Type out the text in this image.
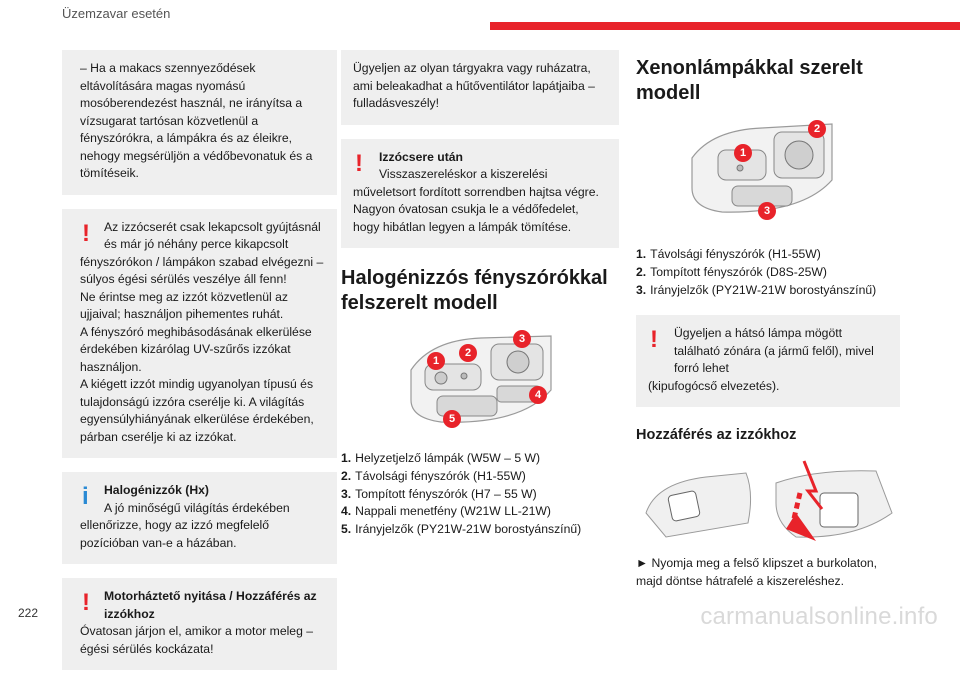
Üzemzavar esetén
– Ha a makacs szennyeződések eltávolítására magas nyomású mosóberendezést használ, ne irányítsa a vízsugarat tartósan közvetlenül a fényszórókra, a lámpákra és az éleikre, nehogy megsérüljön a védőbevonatuk és a tömítéseik.
!	Az izzócserét csak lekapcsolt gyújtásnál és már jó néhány perce kikapcsolt
fényszórókon / lámpákon szabad elvégezni – súlyos égési sérülés veszélye áll fenn!
Ne érintse meg az izzót közvetlenül az ujjaival; használjon pihementes ruhát.
A fényszóró meghibásodásának elkerülése érdekében kizárólag UV-szűrős izzókat használjon.
A kiégett izzót mindig ugyanolyan típusú és tulajdonságú izzóra cserélje ki. A világítás egyensúlyhiányának elkerülése érdekében, párban cserélje ki az izzókat.
i	Halogénizzók (Hx)
A jó minőségű világítás érdekében
ellenőrizze, hogy az izzó megfelelő pozícióban van-e a házában.
!	Motorháztető nyitása / Hozzáférés az izzókhoz
Óvatosan járjon el, amikor a motor meleg – égési sérülés kockázata!
Ügyeljen az olyan tárgyakra vagy ruházatra, ami beleakadhat a hűtőventilátor lapátjaiba – fulladásveszély!
!	Izzócsere után
Visszaszereléskor a kiszerelési
műveletsort fordított sorrendben hajtsa végre. Nagyon óvatosan csukja le a védőfedelet, hogy hibátlan legyen a lámpák tömítése.
Halogénizzós fényszórókkal felszerelt modell
1
2
3
4
5
1. Helyzetjelző lámpák (W5W – 5 W)
2. Távolsági fényszórók (H1-55W)
3. Tompított fényszórók (H7 – 55 W)
4. Nappali menetfény (W21W LL-21W)
5. Irányjelzők (PY21W-21W borostyánszínű)
Xenonlámpákkal szerelt modell
1
2
3
1. Távolsági fényszórók (H1-55W)
2. Tompított fényszórók (D8S-25W)
3. Irányjelzők (PY21W-21W borostyánszínű)
!	Ügyeljen a hátsó lámpa mögött található zónára (a jármű felől), mivel forró lehet
(kipufogócső elvezetés).
Hozzáférés az izzókhoz
► Nyomja meg a felső klipszet a burkolaton, majd döntse hátrafelé a kiszereléshez.
222	carmanualsonline.info
